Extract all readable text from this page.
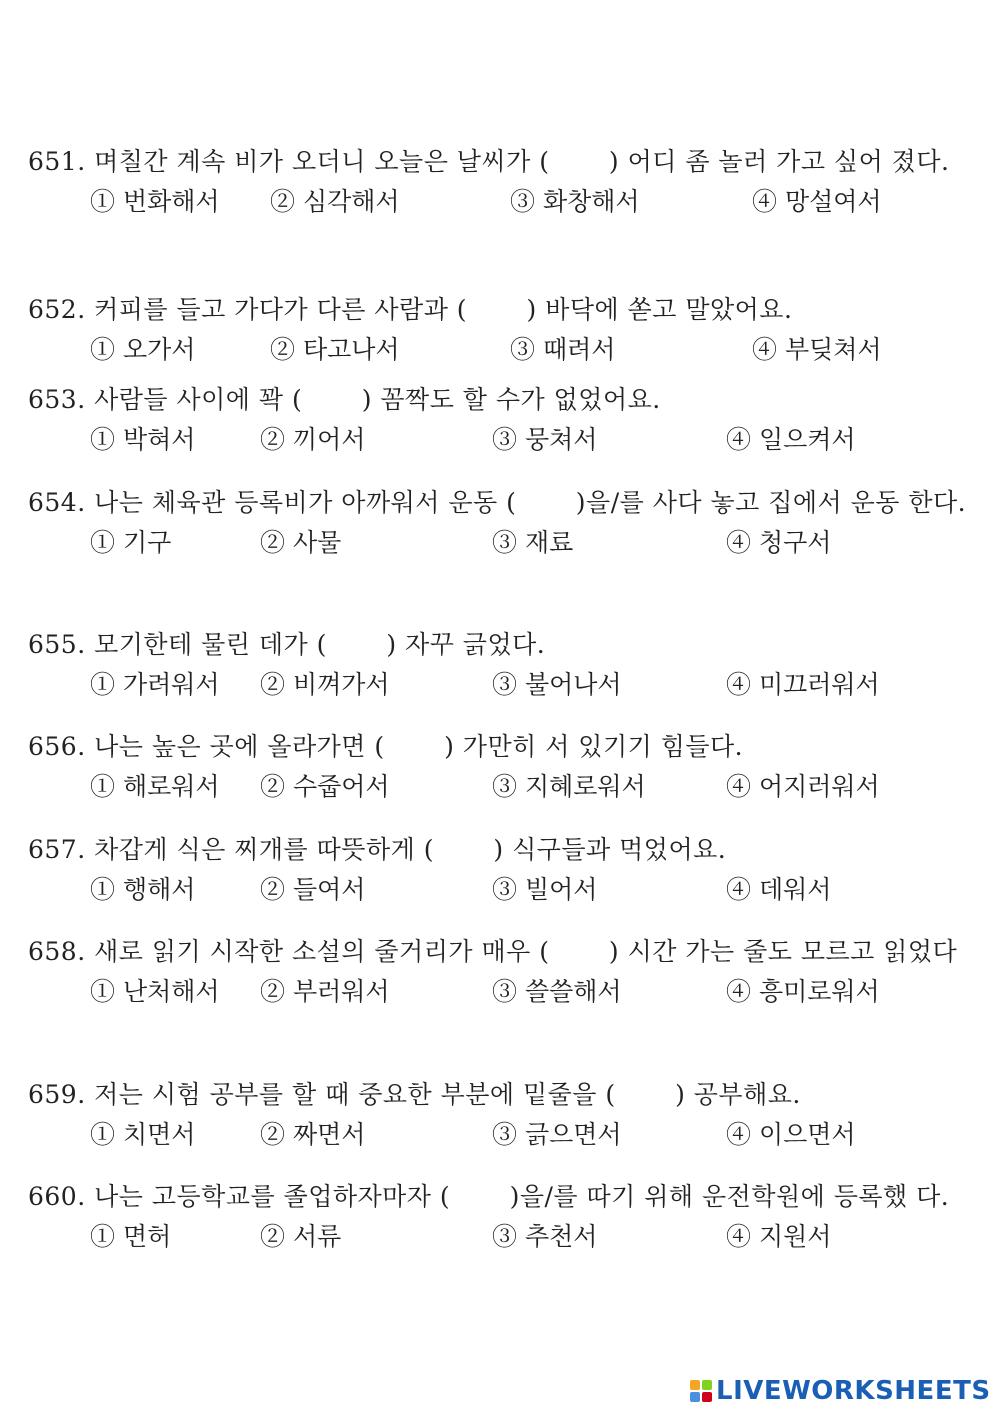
651. 며칠간 계속 비가 오더니 오늘은 날씨가 (　　 ) 어디 좀 놀러 가고 싶어 졌다.
① 번화해서 ② 심각해서	③ 화창해서	④ 망설여서
652. 커피를 들고 가다가 다른 사람과 (　　 ) 바닥에 쏟고 말았어요.
① 오가서	② 타고나서	③ 때려서	④ 부딪쳐서
653. 사람들 사이에 꽉 (　　 ) 꼼짝도 할 수가 없었어요.
① 박혀서	② 끼어서	③ 뭉쳐서	④ 일으켜서
654. 나는 체육관 등록비가 아까워서 운동 (　　 )을/를 사다 놓고 집에서 운동 한다.
① 기구	② 사물	③ 재료	④ 청구서
655. 모기한테 물린 데가 (　　 ) 자꾸 긁었다.
① 가려워서 ② 비껴가서	③ 불어나서	④ 미끄러워서
656. 나는 높은 곳에 올라가면 (　　 ) 가만히 서 있기기 힘들다.
① 해로워서 ② 수줍어서	③ 지혜로워서	④ 어지러워서
657. 차갑게 식은 찌개를 따뜻하게 (　　 ) 식구들과 먹었어요.
① 행해서	② 들여서	③ 빌어서	④ 데워서
658. 새로 읽기 시작한 소설의 줄거리가 매우 (　　 ) 시간 가는 줄도 모르고 읽었다
① 난처해서 ② 부러워서	③ 쓸쓸해서	④ 흥미로워서
659. 저는 시험 공부를 할 때 중요한 부분에 밑줄을 (　　 ) 공부해요.
① 치면서	② 짜면서	③ 긁으면서	④ 이으면서
660. 나는 고등학교를 졸업하자마자 (　　 )을/를 따기 위해 운전학원에 등록했 다.
① 면허	② 서류	③ 추천서	④ 지원서
LIVEWORKSHEETS
